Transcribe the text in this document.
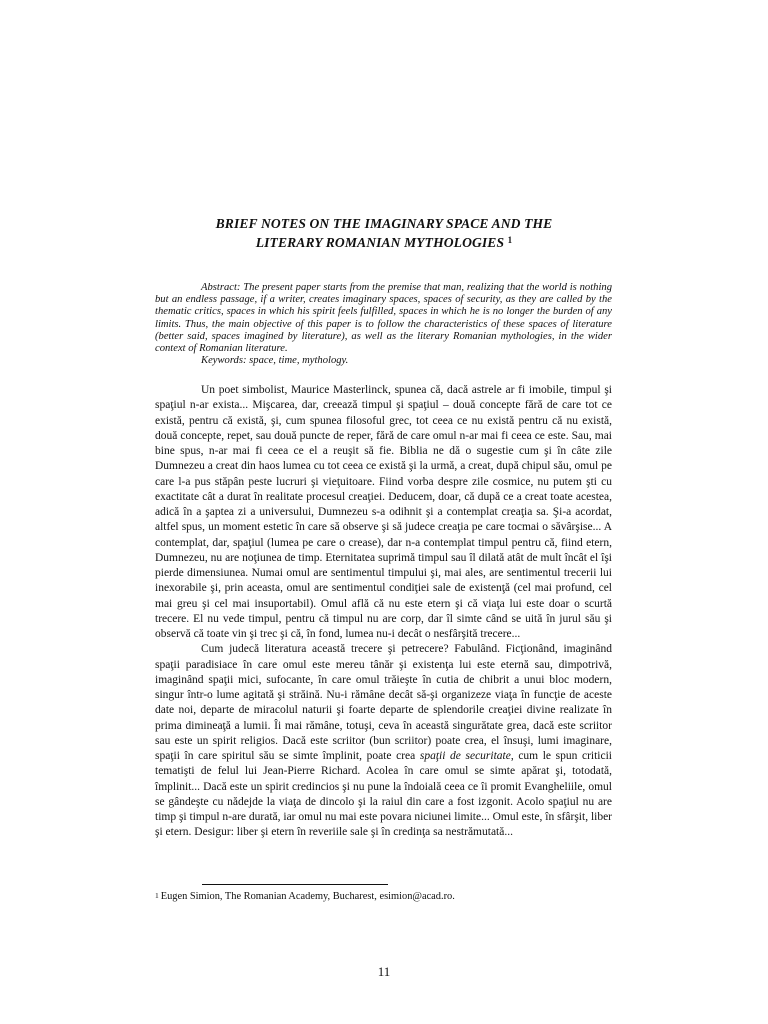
BRIEF NOTES ON THE IMAGINARY SPACE AND THE
LITERARY ROMANIAN MYTHOLOGIES $^1$

Abstract: The present paper starts from the premise that man, realizing that the world is nothing but an endless passage, if a writer, creates imaginary spaces, spaces of security, as they are called by the thematic critics, spaces in which his spirit feels fulfilled, spaces in which he is no longer the burden of any limits. Thus, the main objective of this paper is to follow the characteristics of these spaces of literature (better said, spaces imagined by literature), as well as the literary Romanian mythologies, in the wider context of Romanian literature.

Keywords: space, time, mythology.

Un poet simbolist, Maurice Masterlinck, spunea că, dacă astrele ar fi imobile, timpul şi spaţiul n-ar exista... Mişcarea, dar, creează timpul şi spaţiul – două concepte fără de care tot ce există, pentru că există, şi, cum spunea filosoful grec, tot ceea ce nu există pentru că nu există, două concepte, repet, sau două puncte de reper, fără de care omul n-ar mai fi ceea ce este. Sau, mai bine spus, n-ar mai fi ceea ce el a reuşit să fie. Biblia ne dă o sugestie cum şi în câte zile Dumnezeu a creat din haos lumea cu tot ceea ce există şi la urmă, a creat, după chipul său, omul pe care l-a pus stăpân peste lucruri şi vieţuitoare. Fiind vorba despre zile cosmice, nu putem şti cu exactitate cât a durat în realitate procesul creaţiei. Deducem, doar, că după ce a creat toate acestea, adică în a şaptea zi a universului, Dumnezeu s-a odihnit şi a contemplat creaţia sa. Şi-a acordat, altfel spus, un moment estetic în care să observe şi să judece creaţia pe care tocmai o săvârşise... A contemplat, dar, spaţiul (lumea pe care o crease), dar n-a contemplat timpul pentru că, fiind etern, Dumnezeu, nu are noţiunea de timp. Eternitatea suprimă timpul sau îl dilată atât de mult încât el îşi pierde dimensiunea. Numai omul are sentimentul timpului şi, mai ales, are sentimentul trecerii lui inexorabile şi, prin aceasta, omul are sentimentul condiţiei sale de existenţă (cel mai profund, cel mai greu şi cel mai insuportabil). Omul află că nu este etern şi că viaţa lui este doar o scurtă trecere. El nu vede timpul, pentru că timpul nu are corp, dar îl simte când se uită în jurul său şi observă că toate vin şi trec şi că, în fond, lumea nu-i decât o nesfârşită trecere...

Cum judecă literatura această trecere şi petrecere? Fabulând. Ficţionând, imaginând spaţii paradisiace în care omul este mereu tânăr şi existenţa lui este eternă sau, dimpotrivă, imaginând spaţii mici, sufocante, în care omul trăieşte în cutia de chibrit a unui bloc modern, singur într-o lume agitată şi străină. Nu-i rămâne decât să-şi organizeze viaţa în funcţie de aceste date noi, departe de miracolul naturii şi foarte departe de splendorile creaţiei divine realizate în prima dimineaţă a lumii. Îi mai rămâne, totuşi, ceva în această singurătate grea, dacă este scriitor sau este un spirit religios. Dacă este scriitor (bun scriitor) poate crea, el însuşi, lumi imaginare, spaţii în care spiritul său se simte împlinit, poate crea spaţii de securitate, cum le spun criticii tematişti de felul lui Jean-Pierre Richard. Acolea în care omul se simte apărat şi, totodată, împlinit... Dacă este un spirit credincios şi nu pune la îndoială ceea ce îi promit Evangheliile, omul se gândeşte cu nădejde la viaţa de dincolo şi la raiul din care a fost izgonit. Acolo spaţiul nu are timp şi timpul n-are durată, iar omul nu mai este povara niciunei limite... Omul este, în sfârşit, liber şi etern. Desigur: liber şi etern în reveriile sale şi în credinţa sa nestrămutată...

$^1$ Eugen Simion, The Romanian Academy, Bucharest, esimion@acad.ro.
11
